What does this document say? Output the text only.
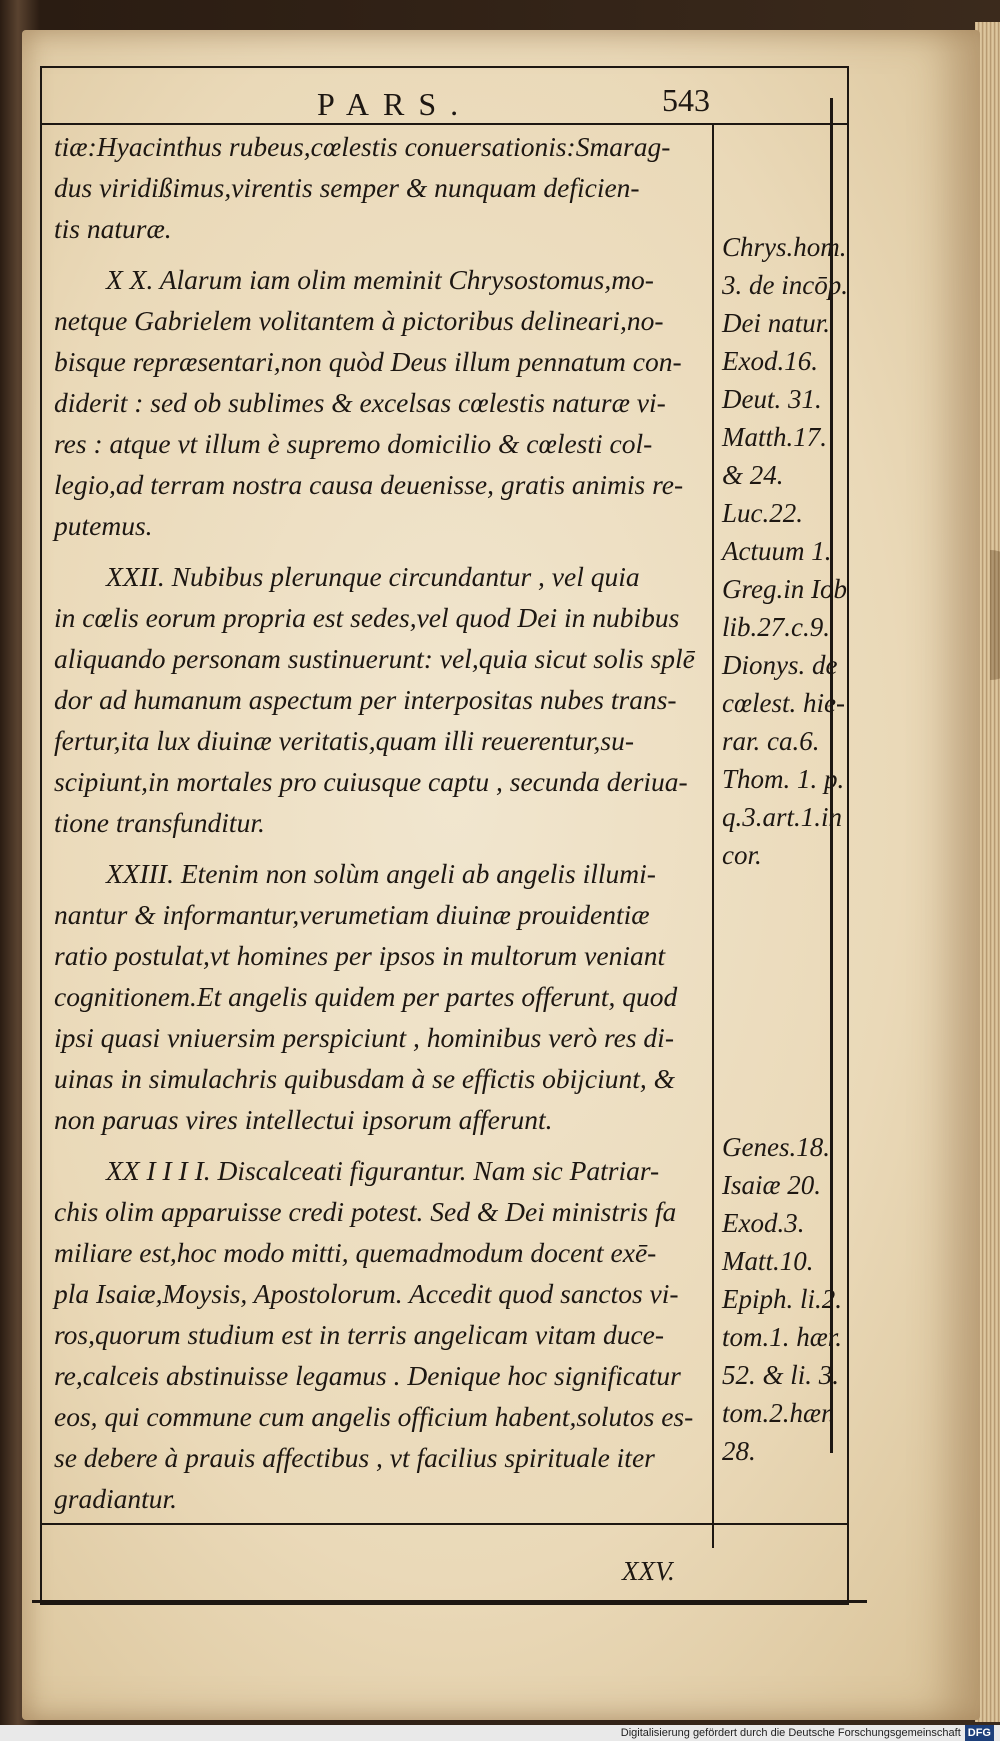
PARS.	543

tiæ:Hyacinthus rubeus,cœlestis conuersationis:Smarag-
dus viridißimus,virentis semper & nunquam deficien-
tis naturæ.

X X. Alarum iam olim meminit Chrysostomus,mo-
netque Gabrielem volitantem à pictoribus delineari,no-
bisque repræsentari,non quòd Deus illum pennatum con-
diderit : sed ob sublimes & excelsas cœlestis naturæ vi-
res : atque vt illum è supremo domicilio & cœlesti col-
legio,ad terram nostra causa deuenisse, gratis animis re-
putemus.

XXII. Nubibus plerunque circundantur , vel quia
in cœlis eorum propria est sedes,vel quod Dei in nubibus
aliquando personam sustinuerunt: vel,quia sicut solis splē
dor ad humanum aspectum per interpositas nubes trans-
fertur,ita lux diuinæ veritatis,quam illi reuerentur,su-
scipiunt,in mortales pro cuiusque captu , secunda deriua-
tione transfunditur.

XXIII. Etenim non solùm angeli ab angelis illumi-
nantur & informantur,verumetiam diuinæ prouidentiæ
ratio postulat,vt homines per ipsos in multorum veniant
cognitionem.Et angelis quidem per partes offerunt, quod
ipsi quasi vniuersim perspiciunt , hominibus verò res di-
uinas in simulachris quibusdam à se effictis obijciunt, &
non paruas vires intellectui ipsorum afferunt.

XX I I I I. Discalceati figurantur. Nam sic Patriar-
chis olim apparuisse credi potest. Sed & Dei ministris fa
miliare est,hoc modo mitti, quemadmodum docent exē-
pla Isaiæ,Moysis, Apostolorum. Accedit quod sanctos vi-
ros,quorum studium est in terris angelicam vitam duce-
re,calceis abstinuisse legamus . Denique hoc significatur
eos, qui commune cum angelis officium habent,solutos es-
se debere à prauis affectibus , vt facilius spirituale iter
gradiantur.

Chrys.hom.
3. de incōp.
Dei natur.
Exod.16.
Deut. 31.
Matth.17.
& 24.
Luc.22.
Actuum 1.
Greg.in Iob
lib.27.c.9.
Dionys. de
cœlest. hie-
rar. ca.6.
Thom. 1. p.
q.3.art.1.in
cor.
Genes.18.
Isaiæ 20.
Exod.3.
Matt.10.
Epiph. li.2.
tom.1. hær.
52. & li. 3.
tom.2.hær.
28.
XXV.
Digitalisierung gefördert durch die Deutsche Forschungsgemeinschaft DFG
